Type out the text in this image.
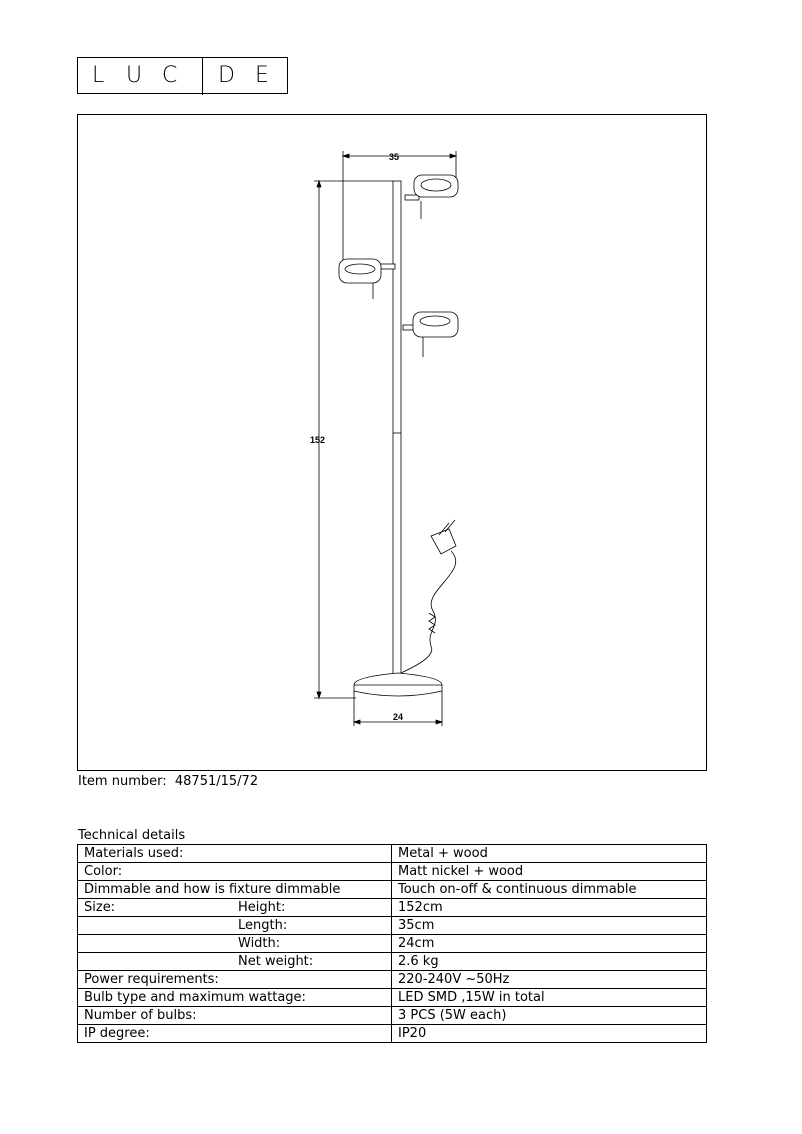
L U C D E
35
152
24
Item number: 48751/15/72
Technical details
Materials used:	Metal + wood
Color:	Matt nickel + wood
Dimmable and how is fixture dimmable	Touch on-off & continuous dimmable
Size: Height:	152cm

Length:	35cm

Width:	24cm

Net weight:	2.6 kg
Power requirements:	220-240V ~50Hz
Bulb type and maximum wattage:	LED SMD ,15W in total
Number of bulbs:	3 PCS (5W each)
IP degree:	IP20
